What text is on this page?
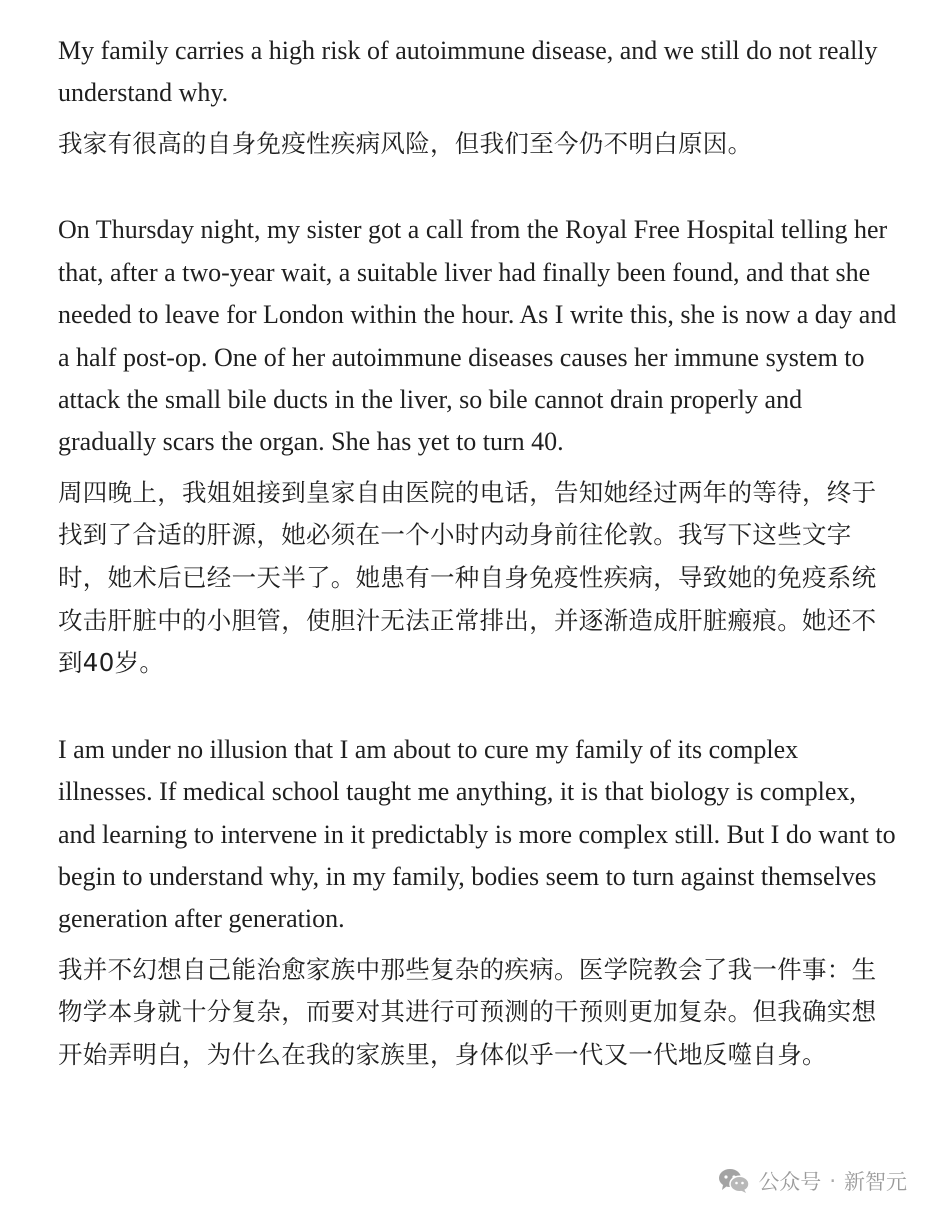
My family carries a high risk of autoimmune disease, and we still do not really understand why.

我家有很高的自身免疫性疾病风险，但我们至今仍不明白原因。

On Thursday night, my sister got a call from the Royal Free Hospital telling her that, after a two-year wait, a suitable liver had finally been found, and that she needed to leave for London within the hour. As I write this, she is now a day and a half post-op. One of her autoimmune diseases causes her immune system to attack the small bile ducts in the liver, so bile cannot drain properly and gradually scars the organ. She has yet to turn 40.

周四晚上，我姐姐接到皇家自由医院的电话，告知她经过两年的等待，终于找到了合适的肝源，她必须在一个小时内动身前往伦敦。我写下这些文字时，她术后已经一天半了。她患有一种自身免疫性疾病，导致她的免疫系统攻击肝脏中的小胆管，使胆汁无法正常排出，并逐渐造成肝脏瘢痕。她还不到40岁。

I am under no illusion that I am about to cure my family of its complex illnesses. If medical school taught me anything, it is that biology is complex, and learning to intervene in it predictably is more complex still. But I do want to begin to understand why, in my family, bodies seem to turn against themselves generation after generation.

我并不幻想自己能治愈家族中那些复杂的疾病。医学院教会了我一件事：生物学本身就十分复杂，而要对其进行可预测的干预则更加复杂。但我确实想开始弄明白，为什么在我的家族里，身体似乎一代又一代地反噬自身。

公众号 · 新智元
